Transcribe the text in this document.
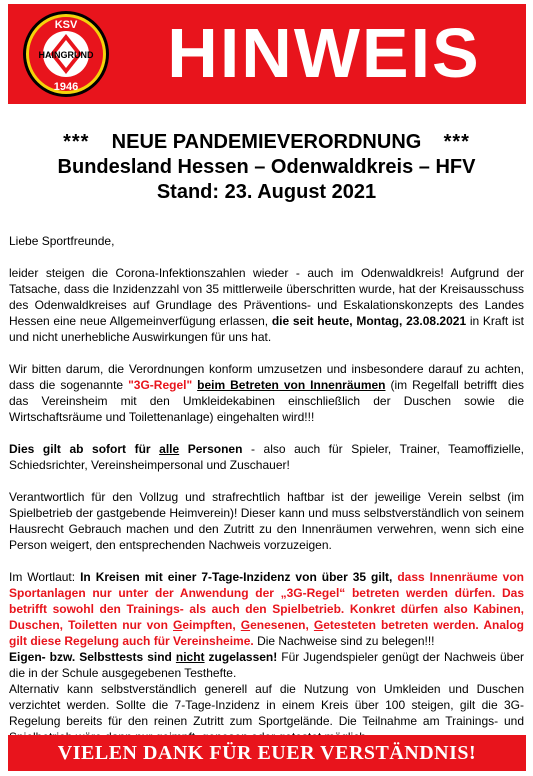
KSV
HAINGRUND
1946	HINWEIS
*** NEUE PANDEMIEVERORDNUNG ***
Bundesland Hessen – Odenwaldkreis – HFV
Stand: 23. August 2021

Liebe Sportfreunde,

leider steigen die Corona-Infektionszahlen wieder - auch im Odenwaldkreis! Aufgrund der Tatsache, dass die Inzidenzzahl von 35 mittlerweile überschritten wurde, hat der Kreisausschuss des Odenwaldkreises auf Grundlage des Präventions- und Eskalationskonzepts des Landes Hessen eine neue Allgemeinverfügung erlassen, die seit heute, Montag, 23.08.2021 in Kraft ist und nicht unerhebliche Auswirkungen für uns hat.

Wir bitten darum, die Verordnungen konform umzusetzen und insbesondere darauf zu achten, dass die sogenannte "3G-Regel" beim Betreten von Innenräumen (im Regelfall betrifft dies das Vereinsheim mit den Umkleidekabinen einschließlich der Duschen sowie die Wirtschaftsräume und Toilettenanlage) eingehalten wird!!!

Dies gilt ab sofort für alle Personen - also auch für Spieler, Trainer, Teamoffizielle, Schiedsrichter, Vereinsheimpersonal und Zuschauer!

Verantwortlich für den Vollzug und strafrechtlich haftbar ist der jeweilige Verein selbst (im Spielbetrieb der gastgebende Heimverein)! Dieser kann und muss selbstverständlich von seinem Hausrecht Gebrauch machen und den Zutritt zu den Innenräumen verwehren, wenn sich eine Person weigert, den entsprechenden Nachweis vorzuzeigen.

Im Wortlaut: In Kreisen mit einer 7-Tage-Inzidenz von über 35 gilt, dass Innenräume von Sportanlagen nur unter der Anwendung der „3G-Regel“ betreten werden dürfen. Das betrifft sowohl den Trainings- als auch den Spielbetrieb. Konkret dürfen also Kabinen, Duschen, Toiletten nur von Geimpften, Genesenen, Getesteten betreten werden. Analog gilt diese Regelung auch für Vereinsheime. Die Nachweise sind zu belegen!!!

Eigen- bzw. Selbsttests sind nicht zugelassen! Für Jugendspieler genügt der Nachweis über die in der Schule ausgegebenen Testhefte.

Alternativ kann selbstverständlich generell auf die Nutzung von Umkleiden und Duschen verzichtet werden. Sollte die 7-Tage-Inzidenz in einem Kreis über 100 steigen, gilt die 3G-Regelung bereits für den reinen Zutritt zum Sportgelände. Die Teilnahme am Trainings- und

VIELEN DANK FÜR EUER VERSTÄNDNIS!
